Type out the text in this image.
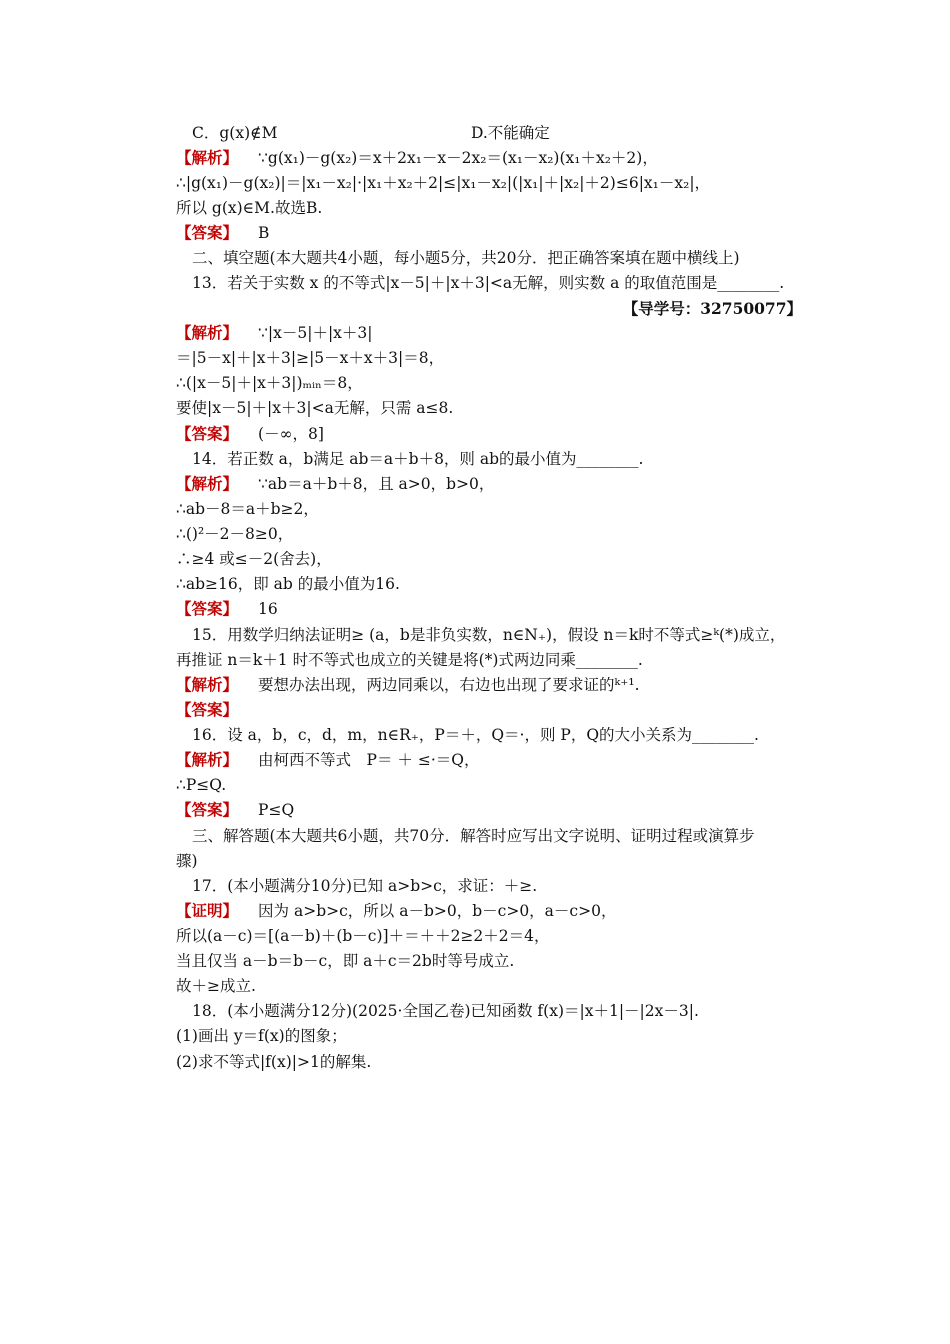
C．g(x)∉M	D.不能确定
【 解析 】 ∵g(x₁)－g(x₂)＝x＋2x₁－x－2x₂＝(x₁－x₂)(x₁＋x₂＋2)，
∴|g(x₁)－g(x₂)|＝|x₁－x₂|·|x₁＋x₂＋2|≤|x₁－x₂|(|x₁|＋|x₂|＋2)≤6|x₁－x₂|，
所以 g(x)∈M.故选B.
【 答案 】 B
二、填空题(本大题共4小题，每小题5分，共20分．把正确答案填在题中横线上)
13．若关于实数 x 的不等式|x－5|＋|x＋3|<a无解，则实数 a 的取值范围是________.
【导学号：32750077】
【 解析 】 ∵|x－5|＋|x＋3|
＝|5－x|＋|x＋3|≥|5－x＋x＋3|＝8，
∴(|x－5|＋|x＋3|)ₘᵢₙ＝8，
要使|x－5|＋|x＋3|<a无解，只需 a≤8.
【 答案 】 (－∞，8]
14．若正数 a，b满足 ab＝a＋b＋8，则 ab的最小值为________.
【 解析 】 ∵ab＝a＋b＋8，且 a>0，b>0，
∴ab－8＝a＋b≥2，
∴()²－2－8≥0，
∴≥4 或≤－2(舍去)，
∴ab≥16，即 ab 的最小值为16.
【 答案 】 16
15．用数学归纳法证明≥ (a，b是非负实数，n∈N₊)，假设 n＝k时不等式≥ᵏ(*)成立，
再推证 n＝k＋1 时不等式也成立的关键是将(*)式两边同乘________.
【 解析 】 要想办法出现，两边同乘以，右边也出现了要求证的ᵏ⁺¹.
【 答案 】
16．设 a，b，c，d，m，n∈R₊，P＝＋，Q＝·，则 P，Q的大小关系为________.
【 解析 】 由柯西不等式　P＝ ＋ ≤·＝Q，
∴P≤Q.
【 答案 】 P≤Q
三、解答题(本大题共6小题，共70分．解答时应写出文字说明、证明过程或演算步
骤)
17．(本小题满分10分)已知 a>b>c，求证：＋≥.
【 证明 】 因为 a>b>c，所以 a－b>0，b－c>0，a－c>0，
所以(a－c)＝[(a－b)＋(b－c)]＋＝＋＋2≥2＋2＝4，
当且仅当 a－b＝b－c，即 a＋c＝2b时等号成立.
故＋≥成立.
18．(本小题满分12分)(2025·全国乙卷)已知函数 f(x)＝|x＋1|－|2x－3|.
(1)画出 y＝f(x)的图象；
(2)求不等式|f(x)|>1的解集.
